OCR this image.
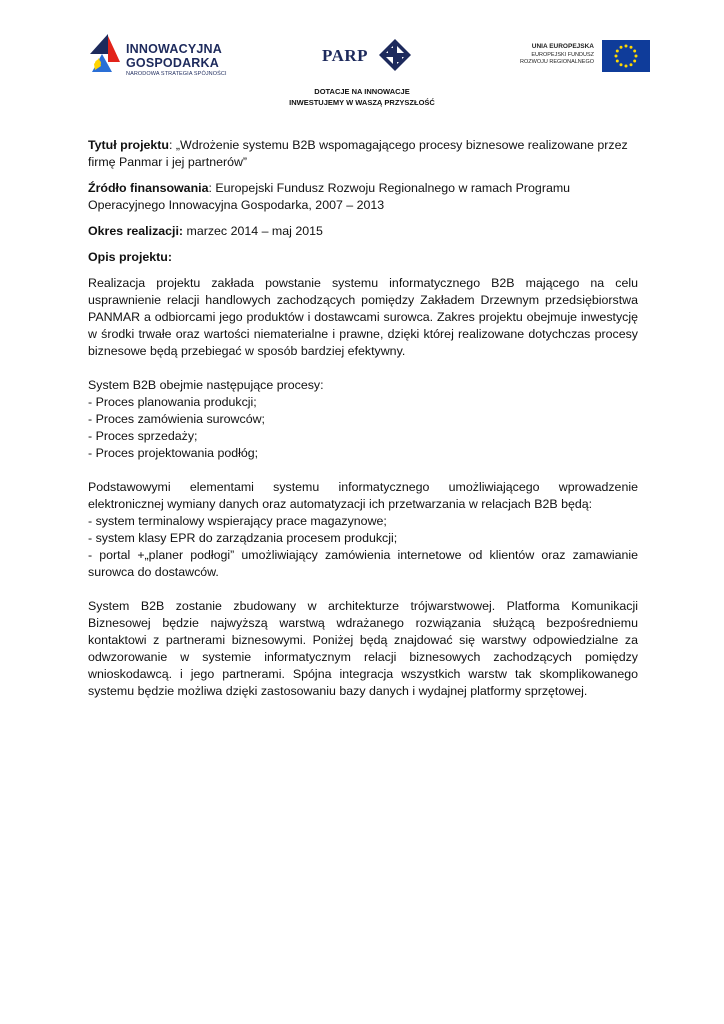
INNOWACYJNA
GOSPODARKA
NARODOWA STRATEGIA SPÓJNOŚCI
PARP	UNIA EUROPEJSKA
EUROPEJSKI FUNDUSZ
ROZWOJU REGIONALNEGO
DOTACJE NA INNOWACJE
INWESTUJEMY W WASZĄ PRZYSZŁOŚĆ

Tytuł projektu: „Wdrożenie systemu B2B wspomagającego procesy biznesowe realizowane przez firmę Panmar i jej partnerów”

Źródło finansowania: Europejski Fundusz Rozwoju Regionalnego w ramach Programu Operacyjnego Innowacyjna Gospodarka, 2007 – 2013

Okres realizacji: marzec 2014 – maj 2015

Opis projektu:

Realizacja projektu zakłada powstanie systemu informatycznego B2B mającego na celu usprawnienie relacji handlowych zachodzących pomiędzy Zakładem Drzewnym przedsiębiorstwa PANMAR a odbiorcami jego produktów i dostawcami surowca. Zakres projektu obejmuje inwestycję w środki trwałe oraz wartości niematerialne i prawne, dzięki której realizowane dotychczas procesy biznesowe będą przebiegać w sposób bardziej efektywny.

System B2B obejmie następujące procesy:

- Proces planowania produkcji;
- Proces zamówienia surowców;
- Proces sprzedaży;
- Proces projektowania podłóg;

Podstawowymi elementami systemu informatycznego umożliwiającego wprowadzenie elektronicznej wymiany danych oraz automatyzacji ich przetwarzania w relacjach B2B będą:

- system terminalowy wspierający prace magazynowe;
- system klasy EPR do zarządzania procesem produkcji;
- portal +„planer podłogi” umożliwiający zamówienia internetowe od klientów oraz zamawianie surowca do dostawców.

System B2B zostanie zbudowany w architekturze trójwarstwowej. Platforma Komunikacji Biznesowej będzie najwyższą warstwą wdrażanego rozwiązania służącą bezpośredniemu kontaktowi z partnerami biznesowymi. Poniżej będą znajdować się warstwy odpowiedzialne za odwzorowanie w systemie informatycznym relacji biznesowych zachodzących pomiędzy wnioskodawcą. i jego partnerami. Spójna integracja wszystkich warstw tak skomplikowanego systemu będzie możliwa dzięki zastosowaniu bazy danych i wydajnej platformy sprzętowej.
